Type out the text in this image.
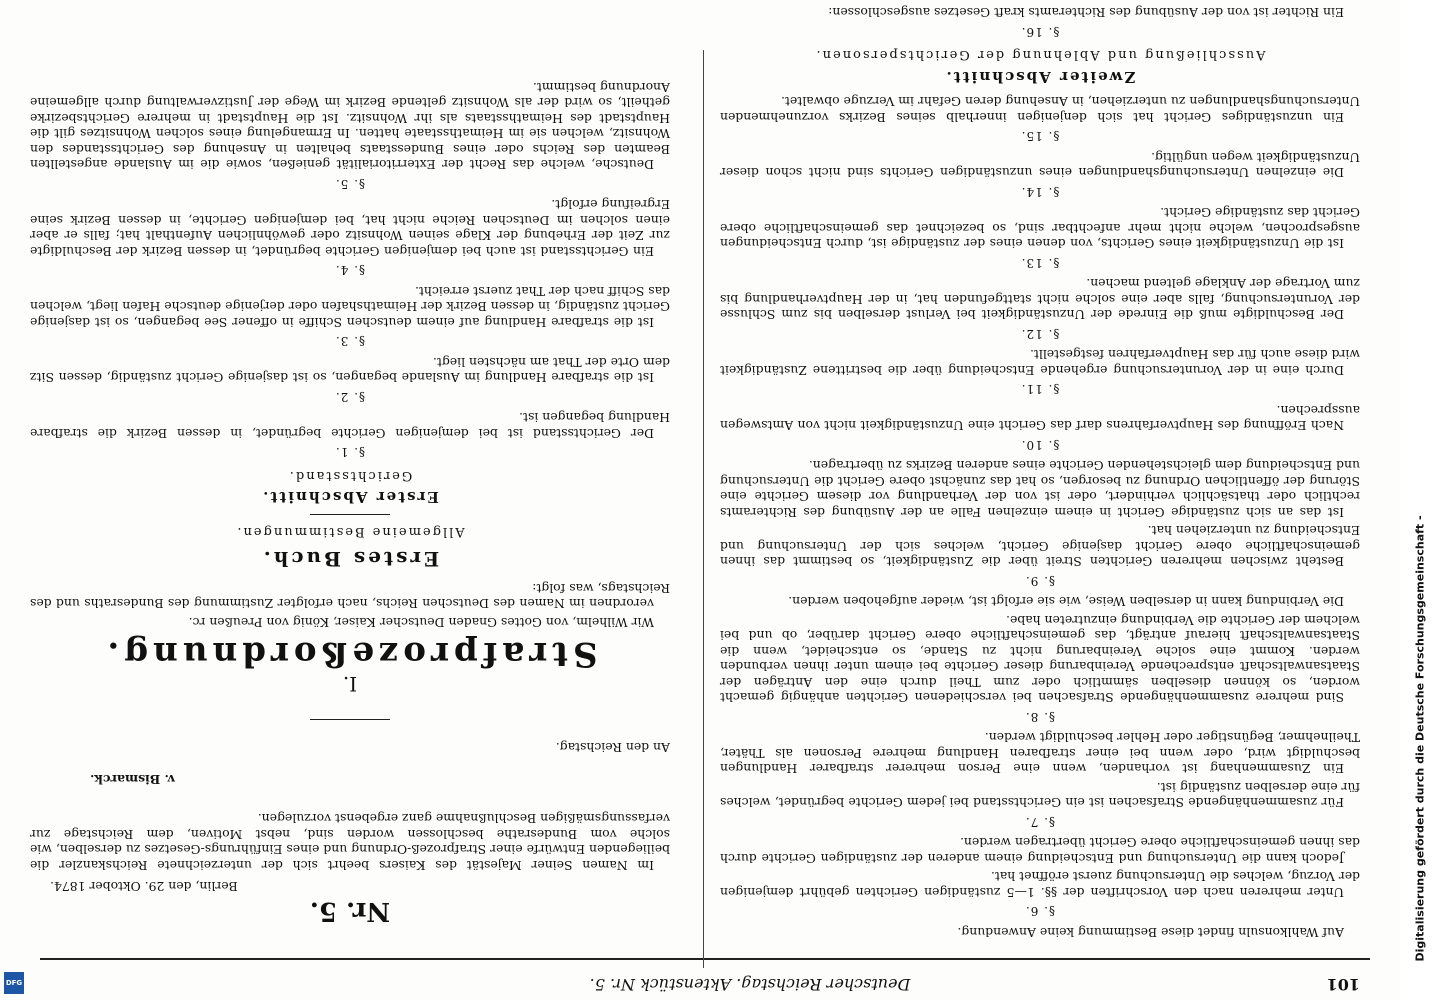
101
Deutscher Reichstag. Aktenstück Nr. 5.

Auf Wahlkonsuln findet diese Bestimmung keine Anwendung.

§. 6.

Unter mehreren nach den Vorschriften der §§. 1—5 zuständigen Gerichten gebührt demjenigen der Vorzug, welches die Untersuchung zuerst eröffnet hat.

Jedoch kann die Untersuchung und Entscheidung einem anderen der zuständigen Gerichte durch das ihnen gemeinschaftliche obere Gericht übertragen werden.

§. 7.

Für zusammenhängende Strafsachen ist ein Gerichtsstand bei jedem Gerichte begründet, welches für eine derselben zuständig ist.

Ein Zusammenhang ist vorhanden, wenn eine Person mehrerer strafbarer Handlungen beschuldigt wird, oder wenn bei einer strafbaren Handlung mehrere Personen als Thäter, Theilnehmer, Begünstiger oder Hehler beschuldigt werden.

§. 8.

Sind mehrere zusammenhängende Strafsachen bei verschiedenen Gerichten anhängig gemacht worden, so können dieselben sämmtlich oder zum Theil durch eine den Anträgen der Staatsanwaltschaft entsprechende Vereinbarung dieser Gerichte bei einem unter ihnen verbunden werden. Kommt eine solche Vereinbarung nicht zu Stande, so entscheidet, wenn die Staatsanwaltschaft hierauf anträgt, das gemeinschaftliche obere Gericht darüber, ob und bei welchem der Gerichte die Verbindung einzutreten habe.

Die Verbindung kann in derselben Weise, wie sie erfolgt ist, wieder aufgehoben werden.

§. 9.

Besteht zwischen mehreren Gerichten Streit über die Zuständigkeit, so bestimmt das ihnen gemeinschaftliche obere Gericht dasjenige Gericht, welches sich der Untersuchung und Entscheidung zu unterziehen hat.

Ist das an sich zuständige Gericht in einem einzelnen Falle an der Ausübung des Richteramts rechtlich oder thatsächlich verhindert, oder ist von der Verhandlung vor diesem Gerichte eine Störung der öffentlichen Ordnung zu besorgen, so hat das zunächst obere Gericht die Untersuchung und Entscheidung dem gleichstehenden Gerichte eines anderen Bezirks zu übertragen.

§. 10.

Nach Eröffnung des Hauptverfahrens darf das Gericht eine Unzuständigkeit nicht von Amtswegen aussprechen.

§. 11.

Durch eine in der Voruntersuchung ergehende Entscheidung über die bestrittene Zuständigkeit wird diese auch für das Hauptverfahren festgestellt.

§. 12.

Der Beschuldigte muß die Einrede der Unzuständigkeit bei Verlust derselben bis zum Schlusse der Voruntersuchung, falls aber eine solche nicht stattgefunden hat, in der Hauptverhandlung bis zum Vortrage der Anklage geltend machen.

§. 13.

Ist die Unzuständigkeit eines Gerichts, von denen eines der zuständige ist, durch Entscheidungen ausgesprochen, welche nicht mehr anfechtbar sind, so bezeichnet das gemeinschaftliche obere Gericht das zuständige Gericht.

§. 14.

Die einzelnen Untersuchungshandlungen eines unzuständigen Gerichts sind nicht schon dieser Unzuständigkeit wegen ungültig.

§. 15.

Ein unzuständiges Gericht hat sich denjenigen innerhalb seines Bezirks vorzunehmenden Untersuchungshandlungen zu unterziehen, in Ansehung deren Gefahr im Verzuge obwaltet.

Zweiter Abschnitt.
Ausschließung und Ablehnung der Gerichtspersonen.
§. 16.

Ein Richter ist von der Ausübung des Richteramts kraft Gesetzes ausgeschlossen:

Nr. 5.
Berlin, den 29. Oktober 1874.

Im Namen Seiner Majestät des Kaisers beehrt sich der unterzeichnete Reichskanzler die beiliegenden Entwürfe einer Strafprozeß-Ordnung und eines Einführungs-Gesetzes zu derselben, wie solche vom Bundesrathe beschlossen worden sind, nebst Motiven, dem Reichstage zur verfassungsmäßigen Beschlußnahme ganz ergebenst vorzulegen.

v. Bismarck.
An den Reichstag.
I.
Strafprozeßordnung.

Wir Wilhelm, von Gottes Gnaden Deutscher Kaiser, König von Preußen rc.

verordnen im Namen des Deutschen Reichs, nach erfolgter Zustimmung des Bundesraths und des Reichstags, was folgt:

Erstes Buch.
Allgemeine Bestimmungen.
Erster Abschnitt.
Gerichtsstand.
§. 1.

Der Gerichtsstand ist bei demjenigen Gerichte begründet, in dessen Bezirk die strafbare Handlung begangen ist.

§. 2.

Ist die strafbare Handlung im Auslande begangen, so ist dasjenige Gericht zuständig, dessen Sitz dem Orte der That am nächsten liegt.

§. 3.

Ist die strafbare Handlung auf einem deutschen Schiffe in offener See begangen, so ist dasjenige Gericht zuständig, in dessen Bezirk der Heimathshafen oder derjenige deutsche Hafen liegt, welchen das Schiff nach der That zuerst erreicht.

§. 4.

Ein Gerichtsstand ist auch bei demjenigen Gerichte begründet, in dessen Bezirk der Beschuldigte zur Zeit der Erhebung der Klage seinen Wohnsitz oder gewöhnlichen Aufenthalt hat; falls er aber einen solchen im Deutschen Reiche nicht hat, bei demjenigen Gerichte, in dessen Bezirk seine Ergreifung erfolgt.

§. 5.

Deutsche, welche das Recht der Exterritorialität genießen, sowie die im Auslande angestellten Beamten des Reichs oder eines Bundesstaats behalten in Ansehung des Gerichtsstandes den Wohnsitz, welchen sie im Heimathsstaate hatten. In Ermangelung eines solchen Wohnsitzes gilt die Hauptstadt des Heimathsstaats als ihr Wohnsitz. Ist die Hauptstadt in mehrere Gerichtsbezirke getheilt, so wird der als Wohnsitz geltende Bezirk im Wege der Justizverwaltung durch allgemeine Anordnung bestimmt.

Digitalisierung gefördert durch die Deutsche Forschungsgemeinschaft -
DFG
